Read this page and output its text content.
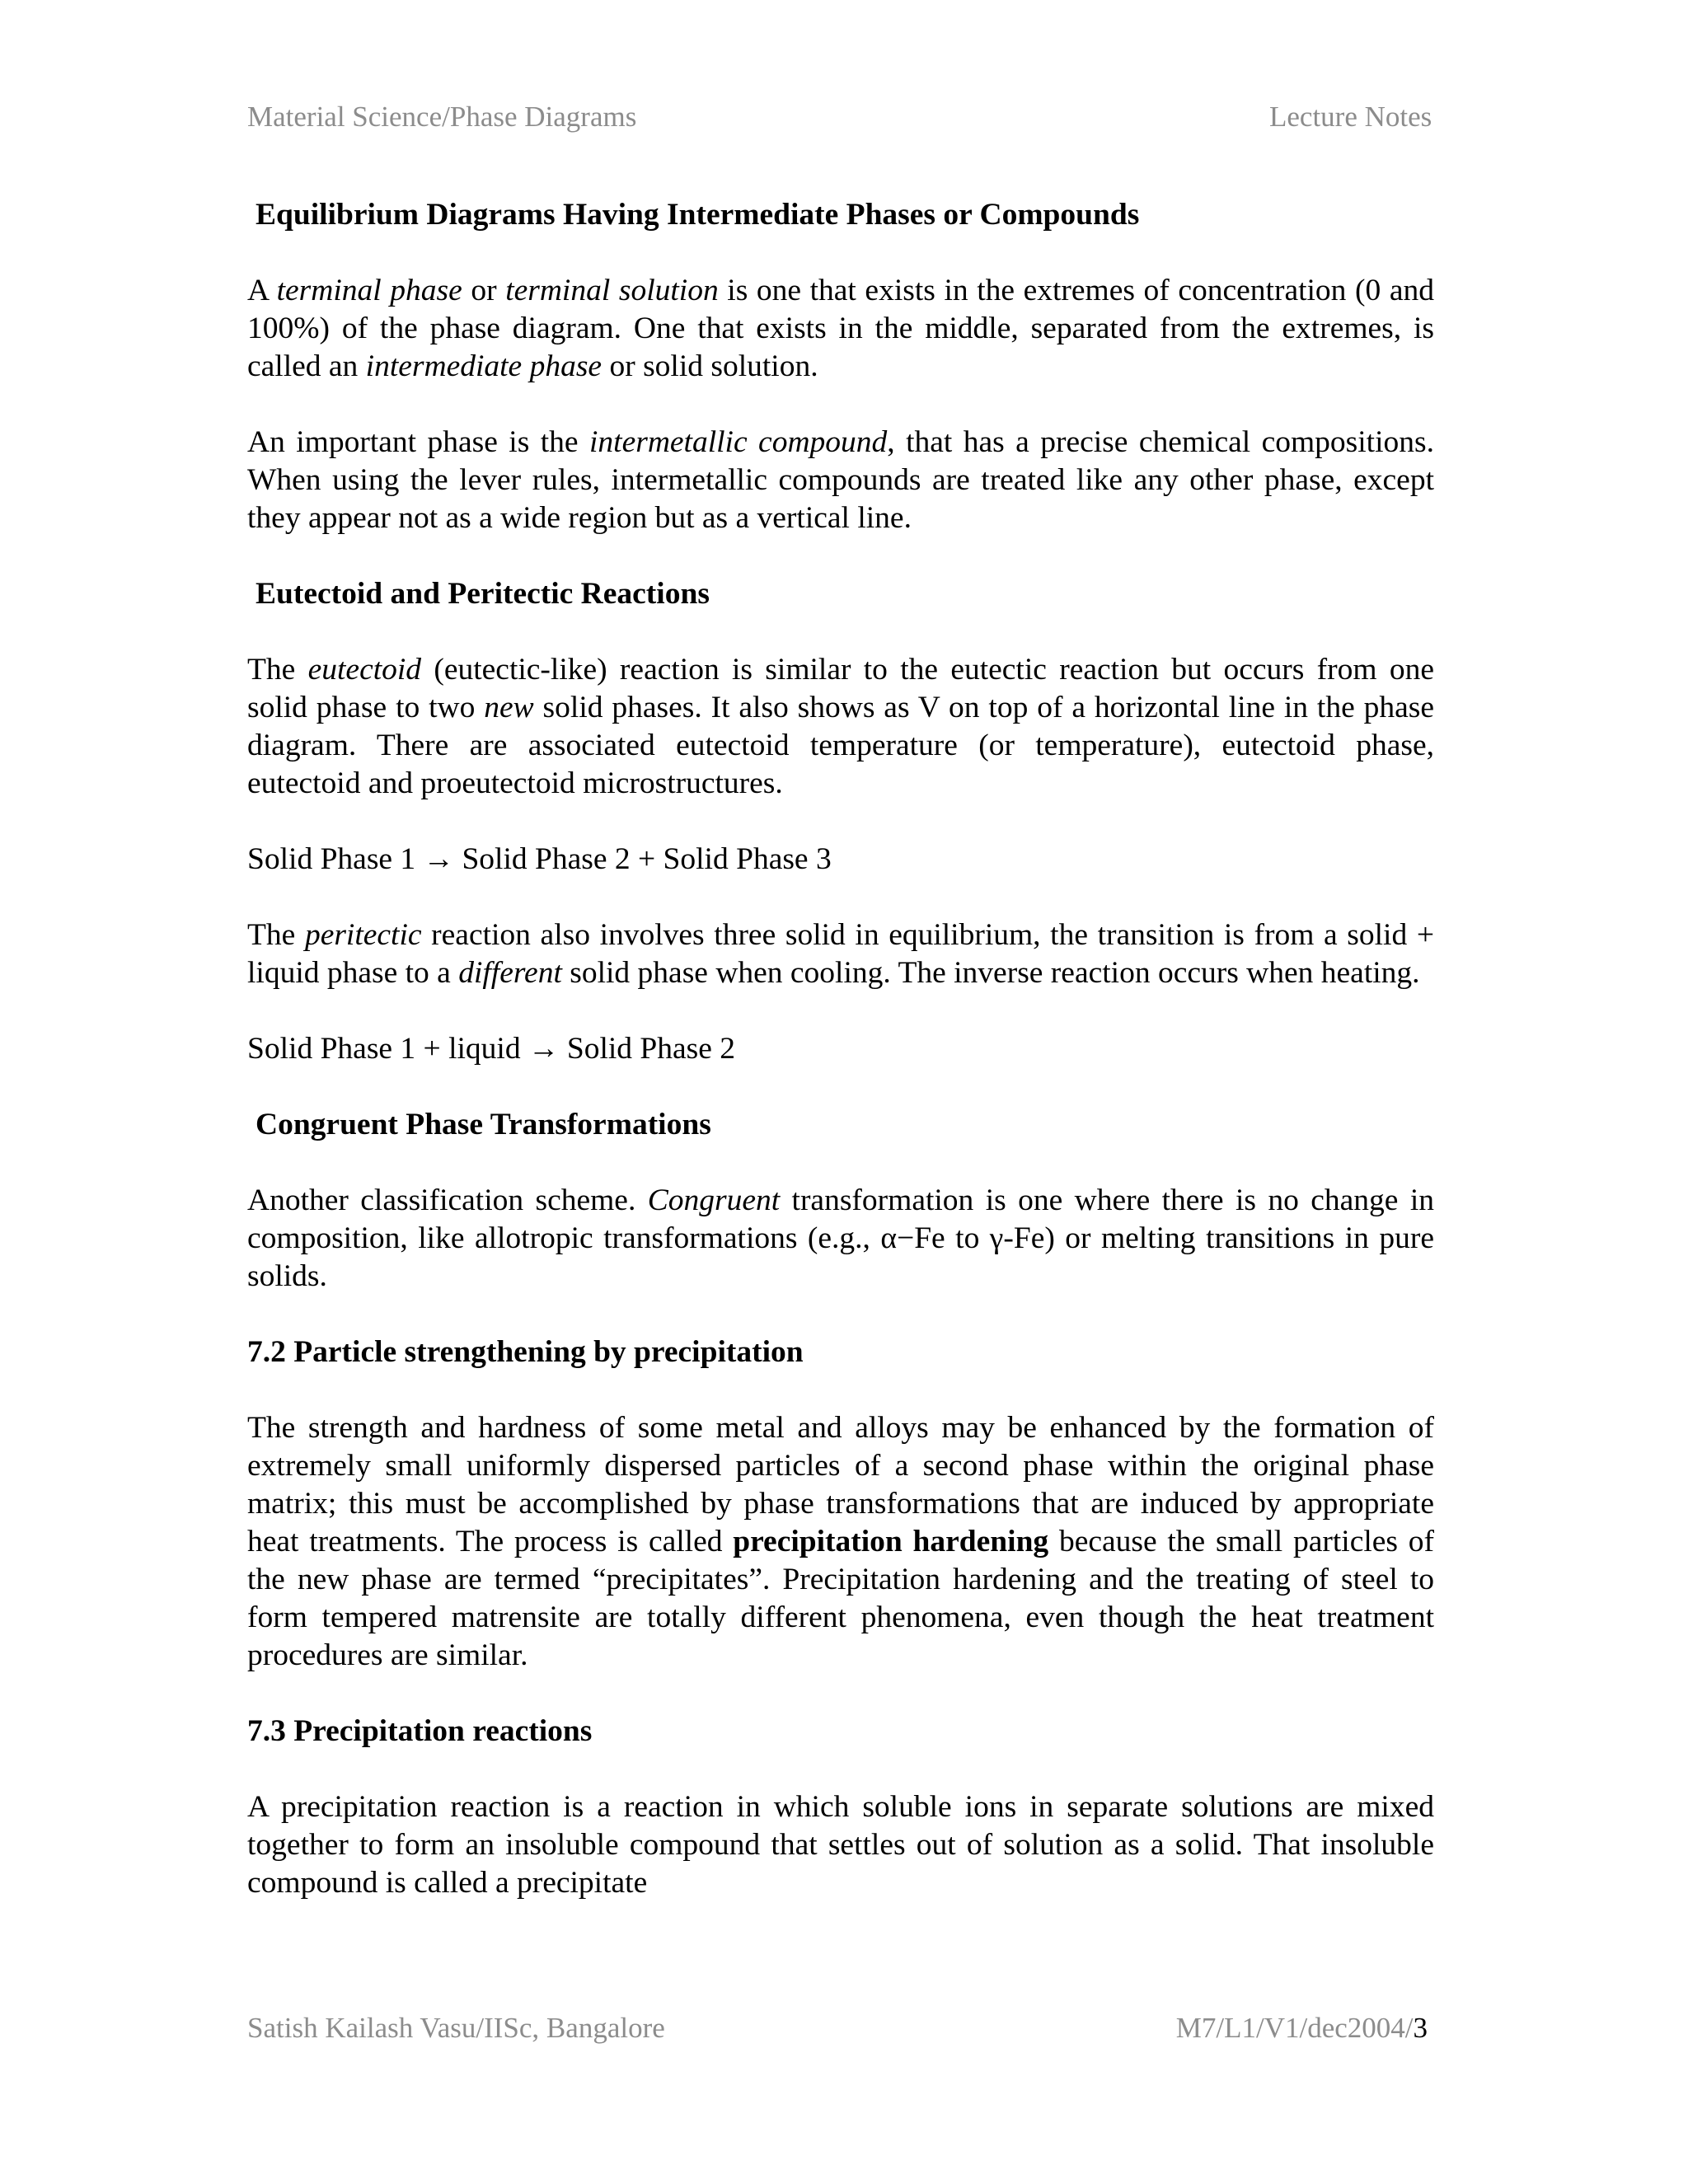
Material Science/Phase Diagrams	Lecture Notes
Equilibrium Diagrams Having Intermediate Phases or Compounds

A terminal phase or terminal solution is one that exists in the extremes of concentration (0 and 100%) of the phase diagram. One that exists in the middle, separated from the extremes, is called an intermediate phase or solid solution.

An important phase is the intermetallic compound, that has a precise chemical compositions. When using the lever rules, intermetallic compounds are treated like any other phase, except they appear not as a wide region but as a vertical line.

Eutectoid and Peritectic Reactions

The eutectoid (eutectic-like) reaction is similar to the eutectic reaction but occurs from one solid phase to two new solid phases. It also shows as V on top of a horizontal line in the phase diagram. There are associated eutectoid temperature (or temperature), eutectoid phase, eutectoid and proeutectoid microstructures.

Solid Phase 1 → Solid Phase 2 + Solid Phase 3

The peritectic reaction also involves three solid in equilibrium, the transition is from a solid + liquid phase to a different solid phase when cooling. The inverse reaction occurs when heating.

Solid Phase 1 + liquid → Solid Phase 2

Congruent Phase Transformations

Another classification scheme. Congruent transformation is one where there is no change in composition, like allotropic transformations (e.g., α−Fe to γ-Fe) or melting transitions in pure solids.

7.2 Particle strengthening by precipitation

The strength and hardness of some metal and alloys may be enhanced by the formation of extremely small uniformly dispersed particles of a second phase within the original phase matrix; this must be accomplished by phase transformations that are induced by appropriate heat treatments. The process is called precipitation hardening because the small particles of the new phase are termed “precipitates”. Precipitation hardening and the treating of steel to form tempered matrensite are totally different phenomena, even though the heat treatment procedures are similar.

7.3 Precipitation reactions

A precipitation reaction is a reaction in which soluble ions in separate solutions are mixed together to form an insoluble compound that settles out of solution as a solid. That insoluble compound is called a precipitate

Satish Kailash Vasu/IISc, Bangalore	M7/L1/V1/dec2004/3
